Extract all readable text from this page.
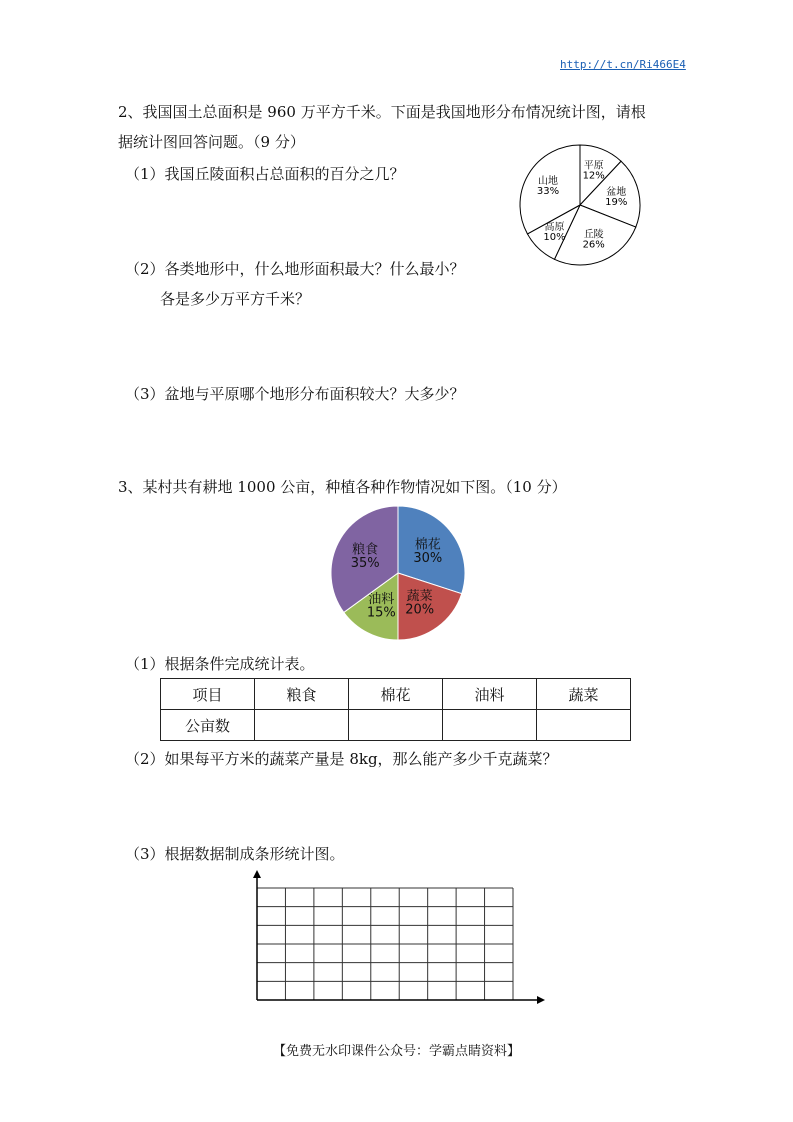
http://t.cn/Ri466E4
2、我国国土总面积是 960 万平方千米。下面是我国地形分布情况统计图，请根
据统计图回答问题。（9 分）
（1）我国丘陵面积占总面积的百分之几？	平原
12%
盆地
19%
丘陵
26%
高原
10%
山地
33%
（2）各类地形中，什么地形面积最大？什么最小？
各是多少万平方千米？
（3）盆地与平原哪个地形分布面积较大？大多少？
3、某村共有耕地 1000 公亩，种植各种作物情况如下图。（10 分）
棉花
30%
蔬菜
20%
油料
15%
粮食
35%
（1）根据条件完成统计表。
项目	粮食	棉花	油料	蔬菜
公亩数				
（2）如果每平方米的蔬菜产量是 8kg，那么能产多少千克蔬菜？
（3）根据数据制成条形统计图。
【免费无水印课件公众号：学霸点睛资料】
